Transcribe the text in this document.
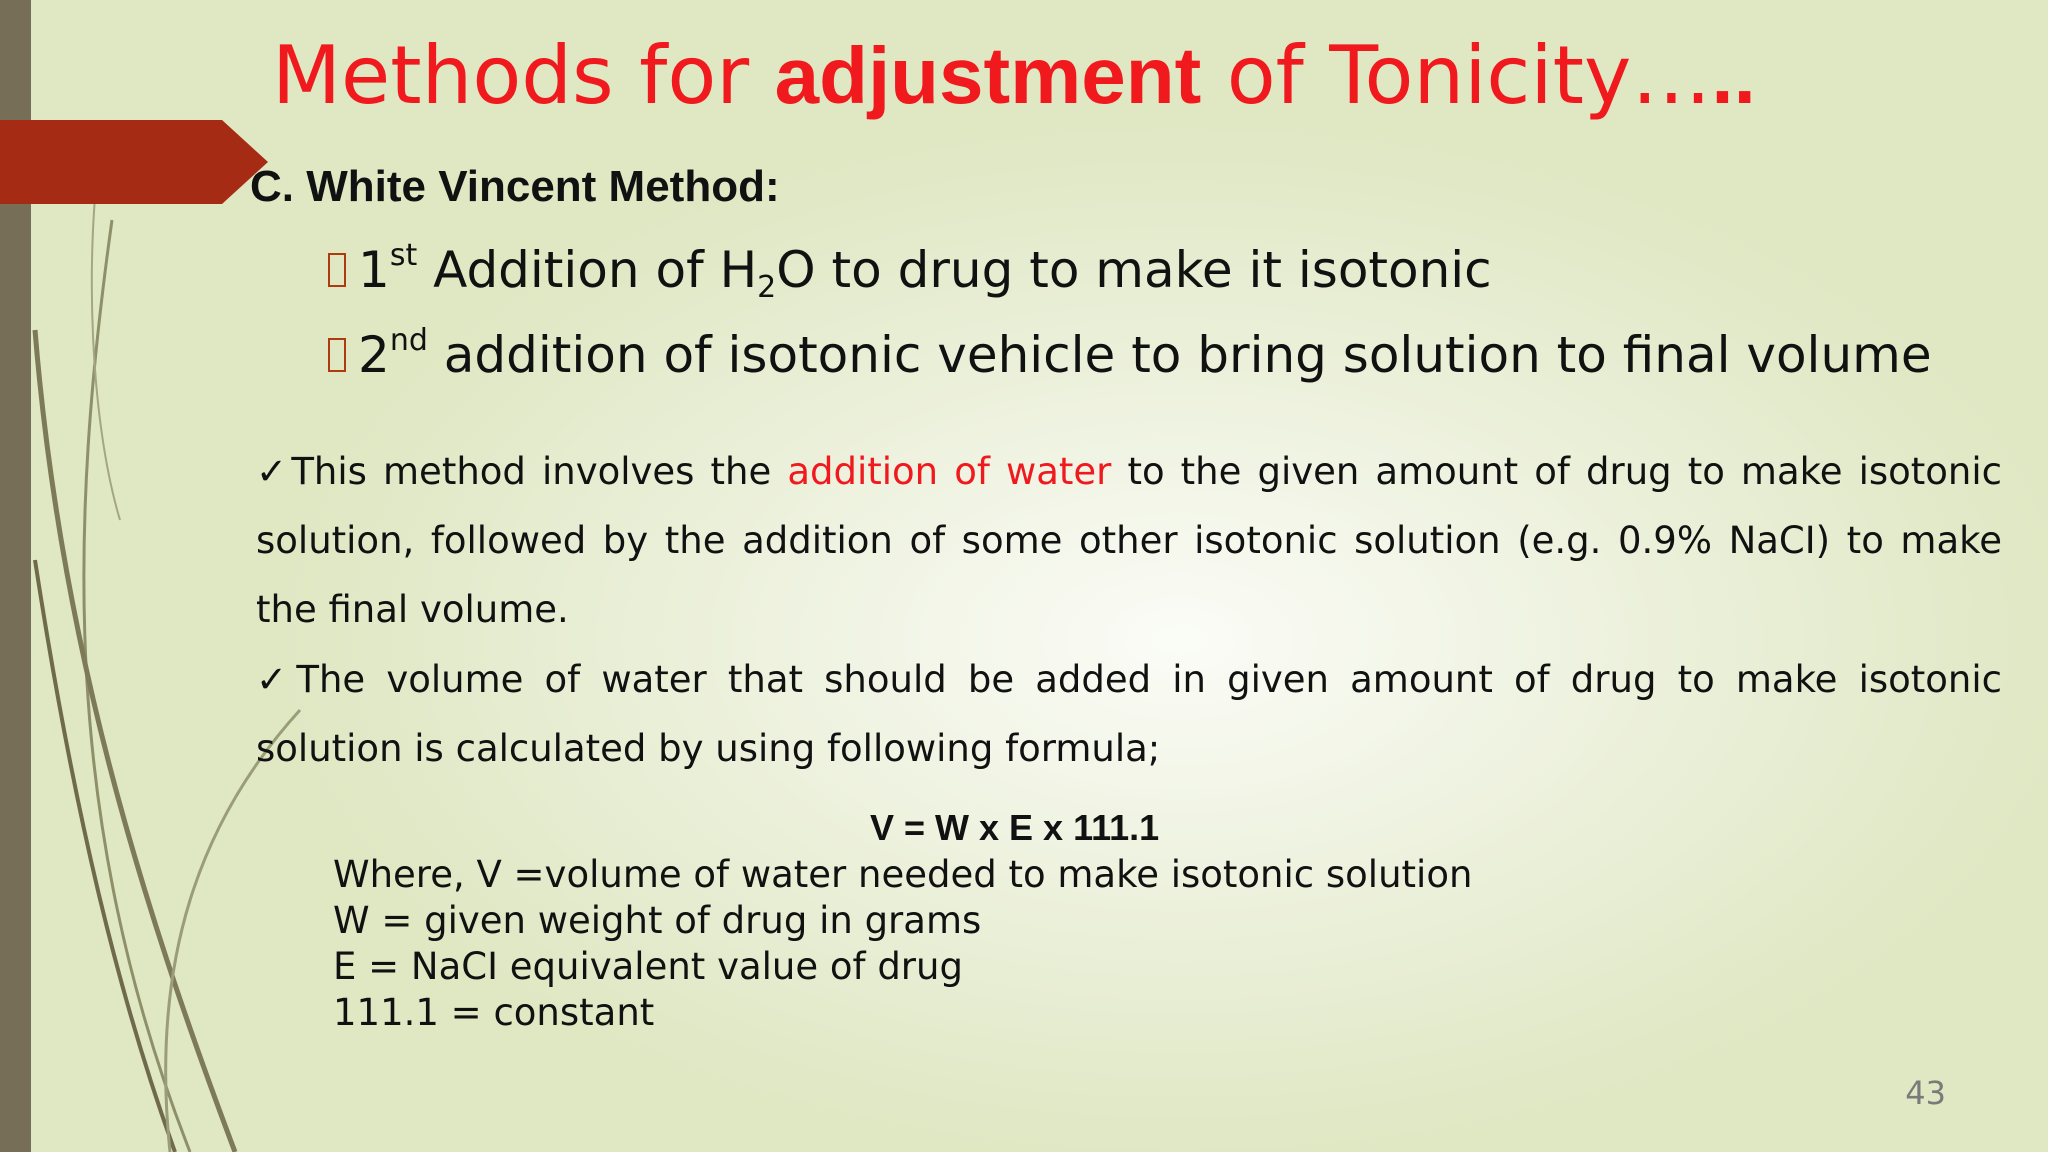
Methods for adjustment of Tonicity…..
C. White Vincent Method:
1st Addition of $H_2O$ to drug to make it isotonic
2nd addition of isotonic vehicle to bring solution to final volume
✓This method involves the addition of water to the given amount of drug to make isotonic solution, followed by the addition of some other isotonic solution (e.g. 0.9% NaCI) to make the final volume.
✓The volume of water that should be added in given amount of drug to make isotonic solution is calculated by using following formula;
V = W x E x 111.1
Where, V =volume of water needed to make isotonic solution
W = given weight of drug in grams
E = NaCI equivalent value of drug
111.1 = constant
43
